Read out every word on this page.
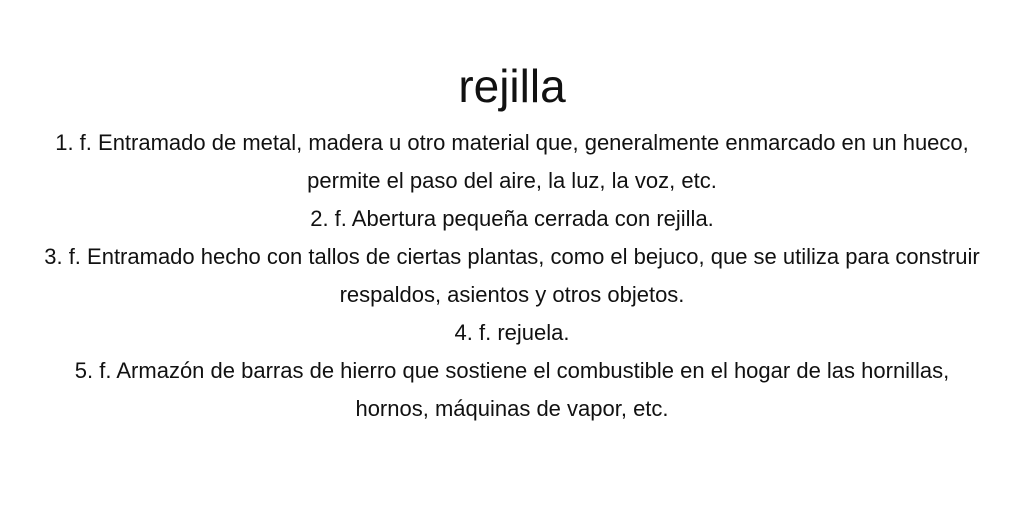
rejilla
1. f. Entramado de metal, madera u otro material que, generalmente enmarcado en un hueco, permite el paso del aire, la luz, la voz, etc.
2. f. Abertura pequeña cerrada con rejilla.
3. f. Entramado hecho con tallos de ciertas plantas, como el bejuco, que se utiliza para construir respaldos, asientos y otros objetos.
4. f. rejuela.
5. f. Armazón de barras de hierro que sostiene el combustible en el hogar de las hornillas, hornos, máquinas de vapor, etc.
